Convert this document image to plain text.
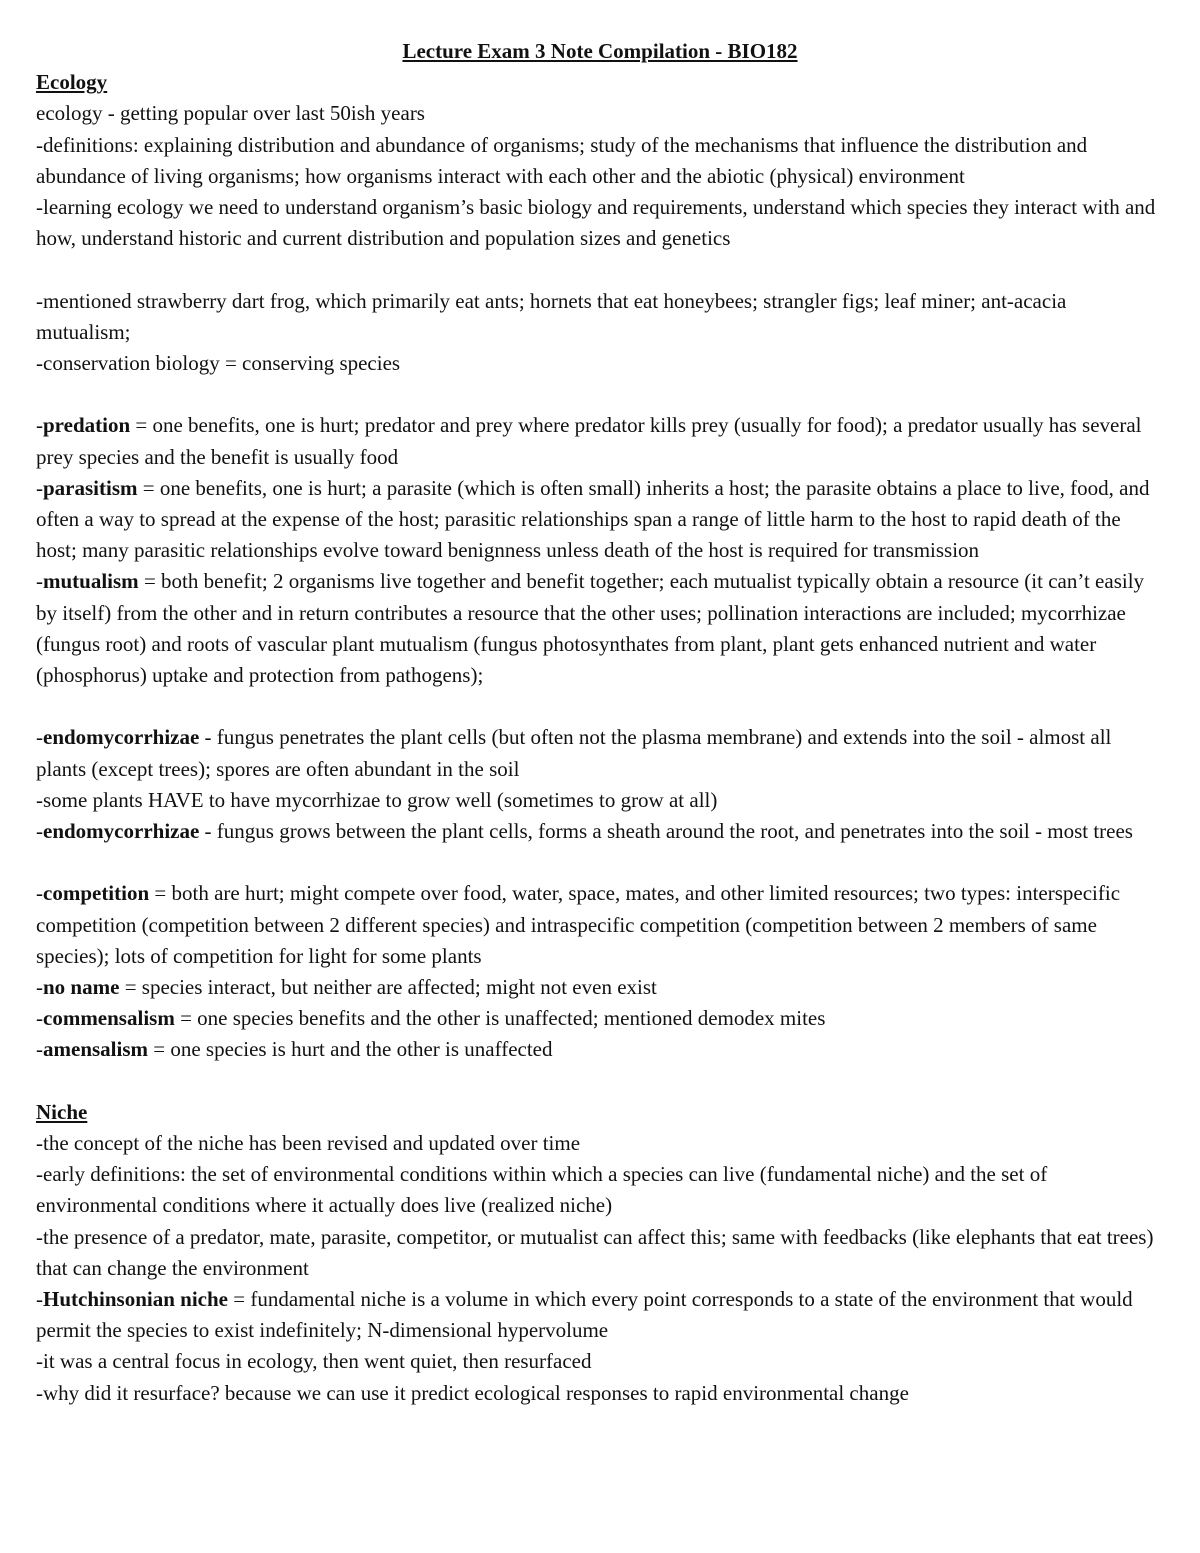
Lecture Exam 3 Note Compilation - BIO182

Ecology

ecology - getting popular over last 50ish years

-definitions: explaining distribution and abundance of organisms; study of the mechanisms that influence the distribution and abundance of living organisms; how organisms interact with each other and the abiotic (physical) environment

-learning ecology we need to understand organism’s basic biology and requirements, understand which species they interact with and how, understand historic and current distribution and population sizes and genetics

-mentioned strawberry dart frog, which primarily eat ants; hornets that eat honeybees; strangler figs; leaf miner; ant-acacia mutualism;

-conservation biology = conserving species

-predation = one benefits, one is hurt; predator and prey where predator kills prey (usually for food); a predator usually has several prey species and the benefit is usually food

-parasitism = one benefits, one is hurt; a parasite (which is often small) inherits a host; the parasite obtains a place to live, food, and often a way to spread at the expense of the host; parasitic relationships span a range of little harm to the host to rapid death of the host; many parasitic relationships evolve toward benignness unless death of the host is required for transmission

-mutualism = both benefit; 2 organisms live together and benefit together; each mutualist typically obtain a resource (it can’t easily by itself) from the other and in return contributes a resource that the other uses; pollination interactions are included; mycorrhizae (fungus root) and roots of vascular plant mutualism (fungus photosynthates from plant, plant gets enhanced nutrient and water (phosphorus) uptake and protection from pathogens);

-endomycorrhizae - fungus penetrates the plant cells (but often not the plasma membrane) and extends into the soil - almost all plants (except trees); spores are often abundant in the soil

-some plants HAVE to have mycorrhizae to grow well (sometimes to grow at all)

-endomycorrhizae - fungus grows between the plant cells, forms a sheath around the root, and penetrates into the soil - most trees

-competition = both are hurt; might compete over food, water, space, mates, and other limited resources; two types: interspecific competition (competition between 2 different species) and intraspecific competition (competition between 2 members of same species); lots of competition for light for some plants

-no name = species interact, but neither are affected; might not even exist

-commensalism = one species benefits and the other is unaffected; mentioned demodex mites

-amensalism = one species is hurt and the other is unaffected

Niche

-the concept of the niche has been revised and updated over time

-early definitions: the set of environmental conditions within which a species can live (fundamental niche) and the set of environmental conditions where it actually does live (realized niche)

-the presence of a predator, mate, parasite, competitor, or mutualist can affect this; same with feedbacks (like elephants that eat trees) that can change the environment

-Hutchinsonian niche = fundamental niche is a volume in which every point corresponds to a state of the environment that would permit the species to exist indefinitely; N-dimensional hypervolume

-it was a central focus in ecology, then went quiet, then resurfaced

-why did it resurface? because we can use it predict ecological responses to rapid environmental change
